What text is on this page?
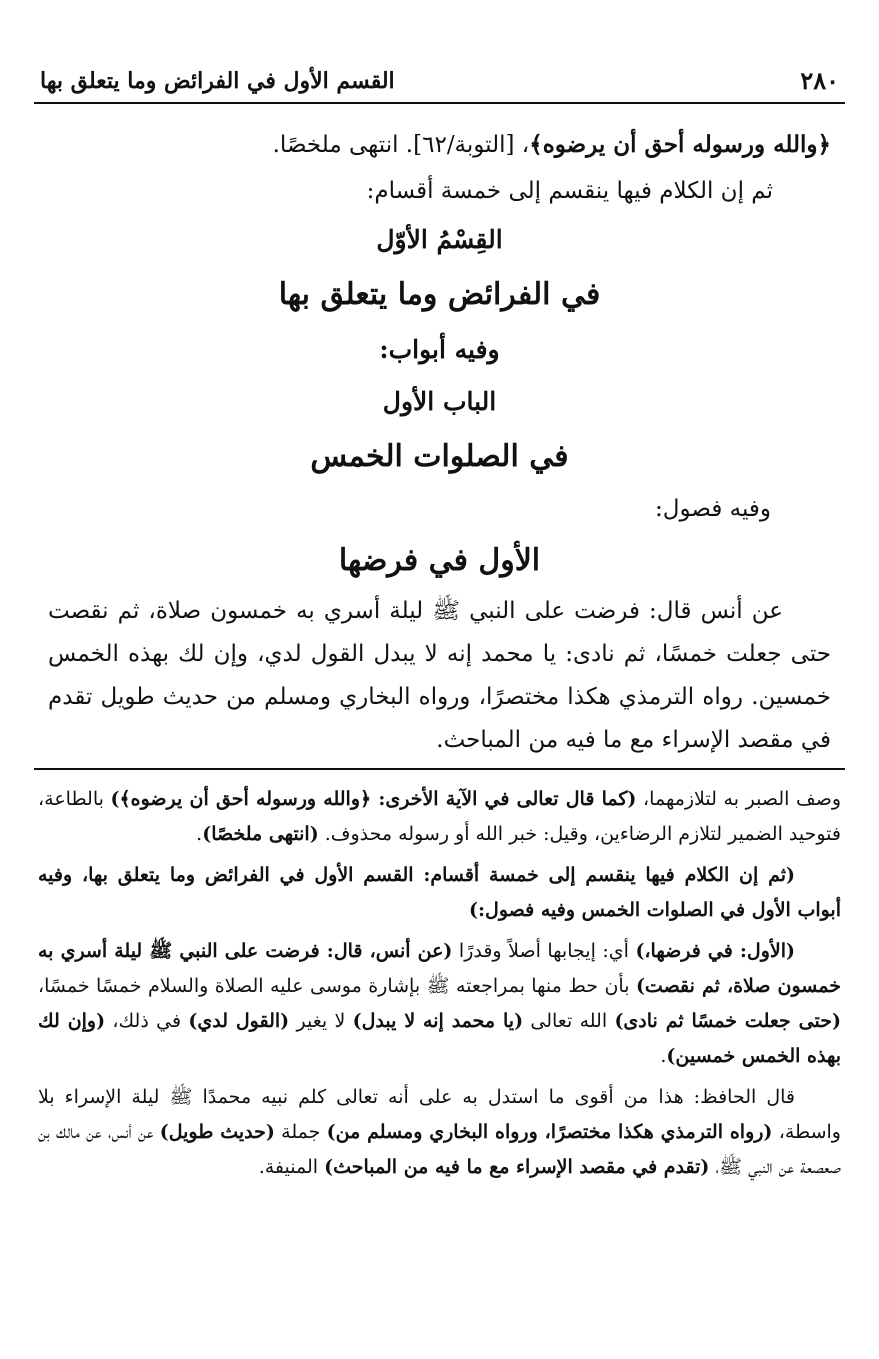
٢٨٠
القسم الأول في الفرائض وما يتعلق بها
﴿والله ورسوله أحق أن يرضوه﴾، [التوبة/٦٢]. انتهى ملخصًا.
ثم إن الكلام فيها ينقسم إلى خمسة أقسام:
القِسْمُ الأوّل
في الفرائض وما يتعلق بها
وفيه أبواب:
الباب الأول
في الصلوات الخمس
وفيه فصول:
الأول في فرضها
عن أنس قال: فرضت على النبي ﷺ ليلة أسري به خمسون صلاة، ثم نقصت حتى جعلت خمسًا، ثم نادى: يا محمد إنه لا يبدل القول لدي، وإن لك بهذه الخمس خمسين. رواه الترمذي هكذا مختصرًا، ورواه البخاري ومسلم من حديث طويل تقدم في مقصد الإسراء مع ما فيه من المباحث.

وصف الصبر به لتلازمهما، (كما قال تعالى في الآية الأخرى: ﴿والله ورسوله أحق أن يرضوه﴾) بالطاعة، فتوحيد الضمير لتلازم الرضاءين، وقيل: خبر الله أو رسوله محذوف. (انتهى ملخصًا).

(ثم إن الكلام فيها ينقسم إلى خمسة أقسام: القسم الأول في الفرائض وما يتعلق بها، وفيه أبواب الأول في الصلوات الخمس وفيه فصول:)

(الأول: في فرضها،) أي: إيجابها أصلاً وقدرًا (عن أنس، قال: فرضت على النبي ﷺ ليلة أسري به خمسون صلاة، ثم نقصت) بأن حط منها بمراجعته ﷺ بإشارة موسى عليه الصلاة والسلام خمسًا خمسًا، (حتى جعلت خمسًا ثم نادى) الله تعالى (يا محمد إنه لا يبدل) لا يغير (القول لدي) في ذلك، (وإن لك بهذه الخمس خمسين).

قال الحافظ: هذا من أقوى ما استدل به على أنه تعالى كلم نبيه محمدًا ﷺ ليلة الإسراء بلا واسطة، (رواه الترمذي هكذا مختصرًا، ورواه البخاري ومسلم من) جملة (حديث طويل) عن أنس، عن مالك بن صعصعة عن النبي ﷺ، (تقدم في مقصد الإسراء مع ما فيه من المباحث) المنيفة.
